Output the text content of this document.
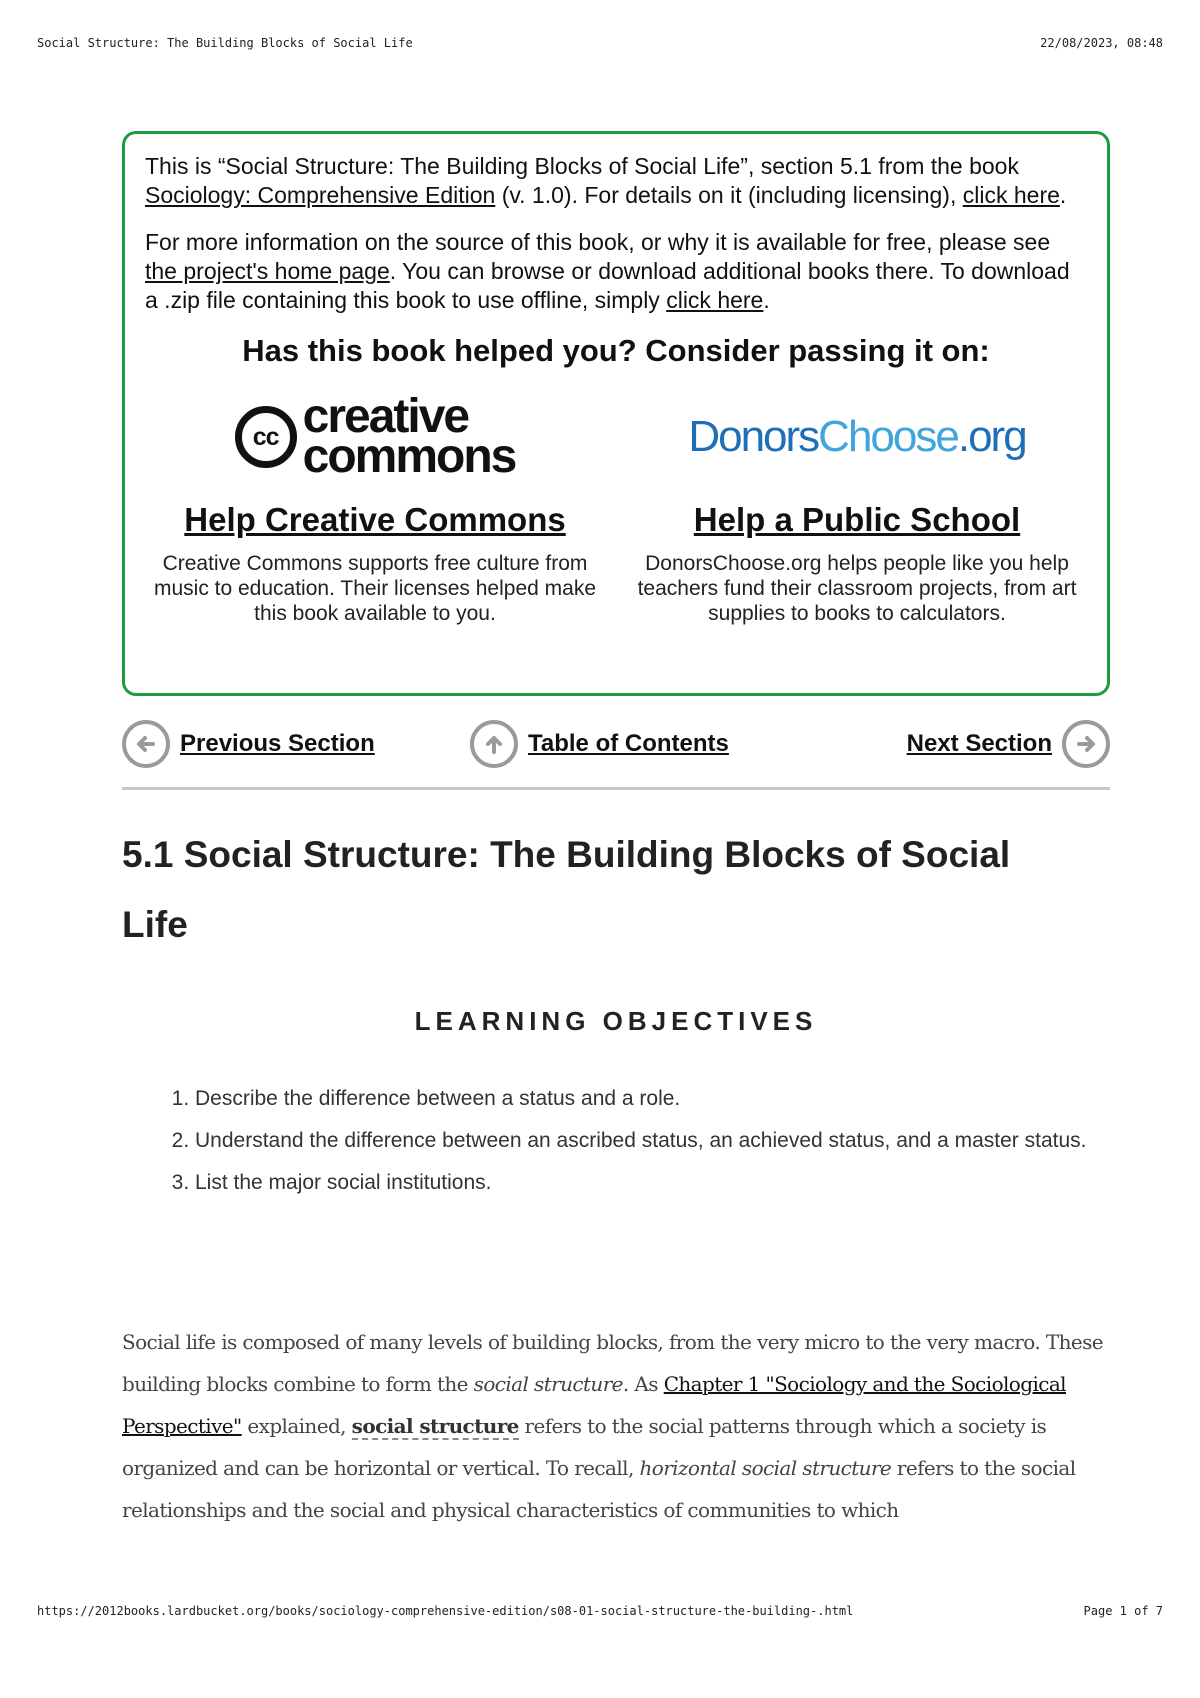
Social Structure: The Building Blocks of Social Life	22/08/2023, 08:48

This is “Social Structure: The Building Blocks of Social Life”, section 5.1 from the book Sociology: Comprehensive Edition (v. 1.0). For details on it (including licensing), click here.

For more information on the source of this book, or why it is available for free, please see the project's home page. You can browse or download additional books there. To download a .zip file containing this book to use offline, simply click here.

Has this book helped you? Consider passing it on:
cc creative
commons
Help Creative Commons
Creative Commons supports free culture from music to education. Their licenses helped make this book available to you.
DonorsChoose.org
Help a Public School
DonorsChoose.org helps people like you help teachers fund their classroom projects, from art supplies to books to calculators.
Previous Section	Table of Contents	Next Section
5.1 Social Structure: The Building Blocks of Social Life
LEARNING OBJECTIVES
1. Describe the difference between a status and a role.
2. Understand the difference between an ascribed status, an achieved status, and a master status.
3. List the major social institutions.

Social life is composed of many levels of building blocks, from the very micro to the very macro. These building blocks combine to form the social structure. As Chapter 1 "Sociology and the Sociological Perspective" explained, social structure refers to the social patterns through which a society is organized and can be horizontal or vertical. To recall, horizontal social structure refers to the social relationships and the social and physical characteristics of communities to which

https://2012books.lardbucket.org/books/sociology-comprehensive-edition/s08-01-social-structure-the-building-.html	Page 1 of 7
